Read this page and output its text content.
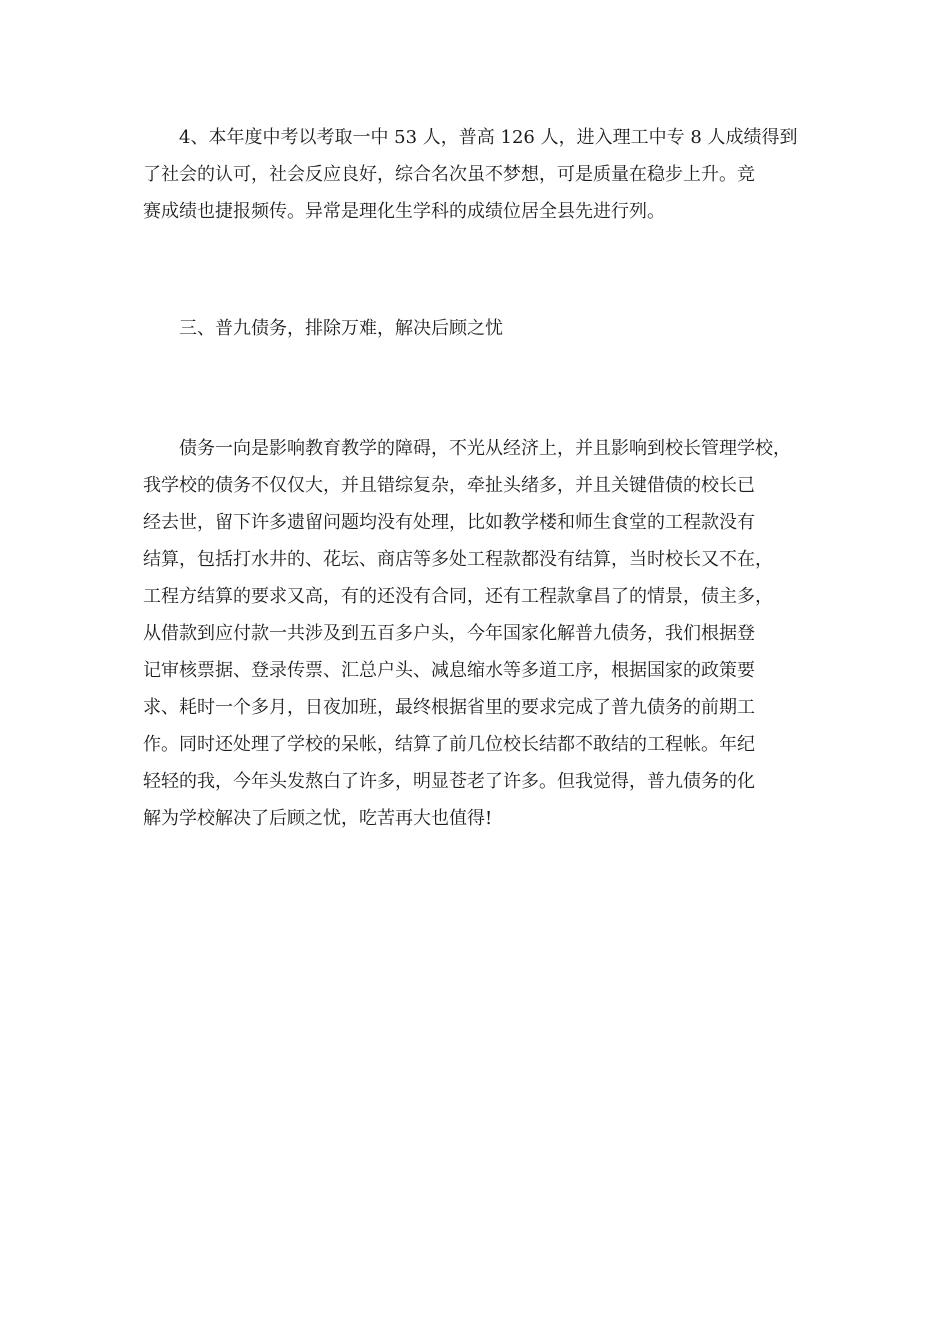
4、本年度中考以考取一中 53 人，普高 126 人，进入理工中专 8 人成绩得到
了社会的认可，社会反应良好，综合名次虽不梦想，可是质量在稳步上升。竞
赛成绩也捷报频传。异常是理化生学科的成绩位居全县先进行列。

三、普九债务，排除万难，解决后顾之忧

债务一向是影响教育教学的障碍，不光从经济上，并且影响到校长管理学校，
我学校的债务不仅仅大，并且错综复杂，牵扯头绪多，并且关键借债的校长已
经去世，留下许多遗留问题均没有处理，比如教学楼和师生食堂的工程款没有
结算，包括打水井的、花坛、商店等多处工程款都没有结算，当时校长又不在，
工程方结算的要求又高，有的还没有合同，还有工程款拿昌了的情景，债主多，
从借款到应付款一共涉及到五百多户头，今年国家化解普九债务，我们根据登
记审核票据、登录传票、汇总户头、减息缩水等多道工序，根据国家的政策要
求、耗时一个多月，日夜加班，最终根据省里的要求完成了普九债务的前期工
作。同时还处理了学校的呆帐，结算了前几位校长结都不敢结的工程帐。年纪
轻轻的我，今年头发熬白了许多，明显苍老了许多。但我觉得，普九债务的化
解为学校解决了后顾之忧，吃苦再大也值得!
